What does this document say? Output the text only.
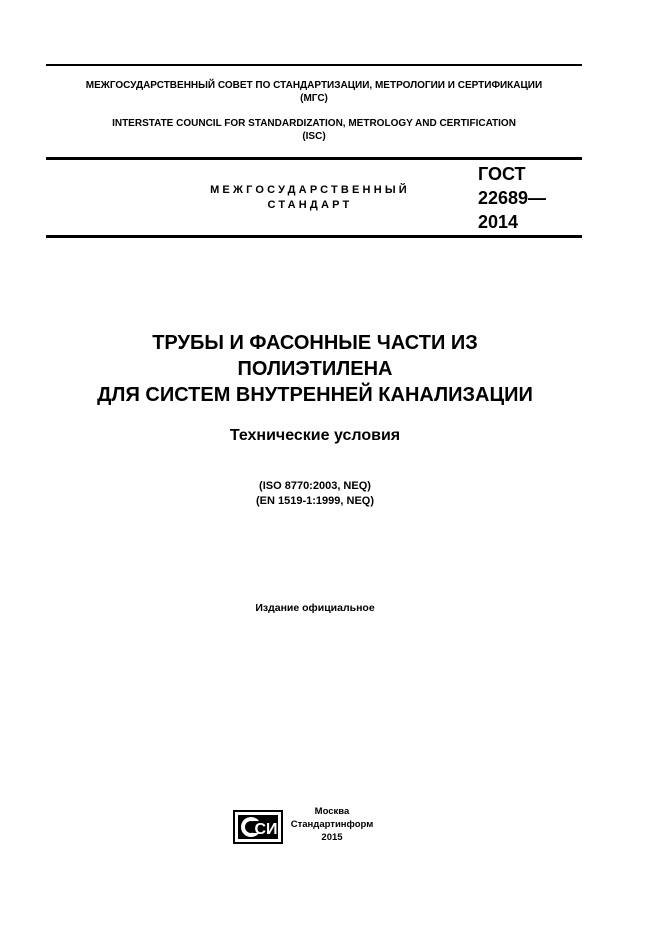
МЕЖГОСУДАРСТВЕННЫЙ СОВЕТ ПО СТАНДАРТИЗАЦИИ, МЕТРОЛОГИИ И СЕРТИФИКАЦИИ
(МГС)
INTERSTATE COUNCIL FOR STANDARDIZATION, METROLOGY AND CERTIFICATION
(ISC)
МЕЖГОСУДАРСТВЕННЫЙ
СТАНДАРТ
ГОСТ
22689—
2014
ТРУБЫ И ФАСОННЫЕ ЧАСТИ ИЗ
ПОЛИЭТИЛЕНА
ДЛЯ СИСТЕМ ВНУТРЕННЕЙ КАНАЛИЗАЦИИ
Технические условия
(ISO 8770:2003, NEQ)
(EN 1519-1:1999, NEQ)
Издание официальное
СИ
Москва
Стандартинформ
2015
